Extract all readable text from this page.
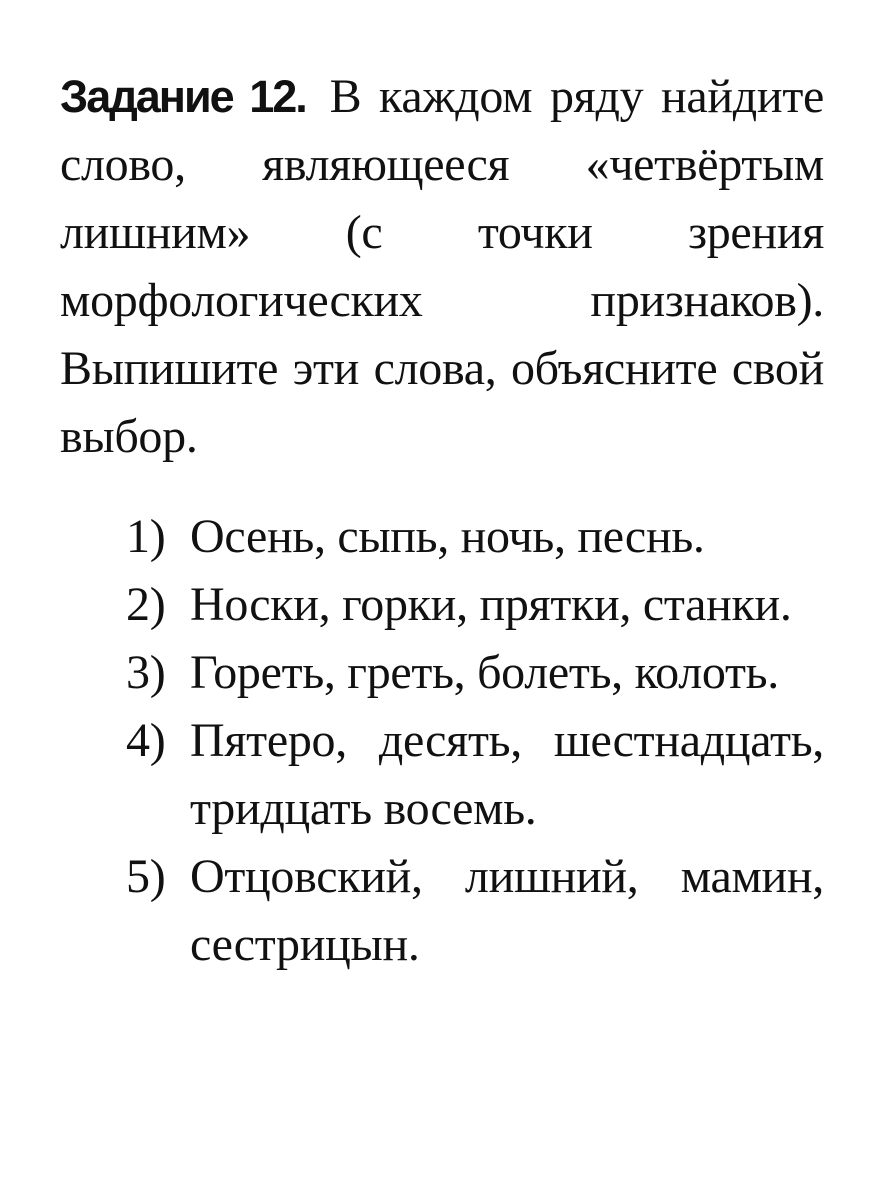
Задание 12. В каждом ряду найдите слово, являющееся «четвёртым лишним» (с точки зрения морфологических признаков). Выпишите эти слова, объясните свой выбор.

1) Осень, сыпь, ночь, песнь.
2) Носки, горки, прятки, станки.
3) Гореть, греть, болеть, колоть.
4) Пятеро, десять, шестнадцать, тридцать восемь.
5) Отцовский, лишний, мамин, сестрицын.
